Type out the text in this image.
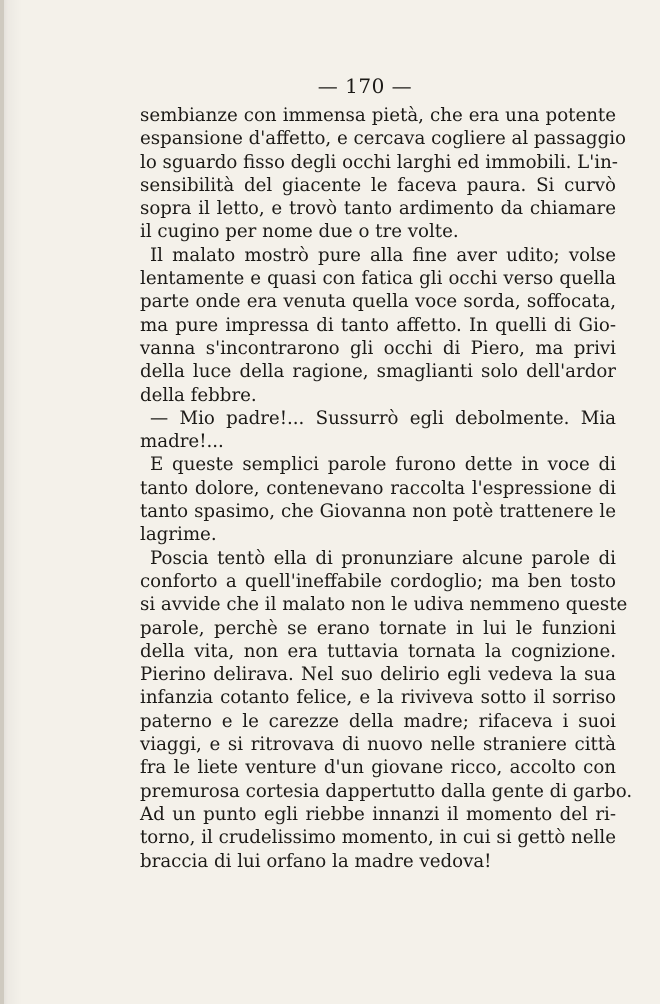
— 170 —
sembianze con immensa pietà, che era una potente
espansione d'affetto, e cercava cogliere al passaggio
lo sguardo fisso degli occhi larghi ed immobili. L'in-
sensibilità del giacente le faceva paura. Si curvò
sopra il letto, e trovò tanto ardimento da chiamare
il cugino per nome due o tre volte.
Il malato mostrò pure alla fine aver udito; volse
lentamente e quasi con fatica gli occhi verso quella
parte onde era venuta quella voce sorda, soffocata,
ma pure impressa di tanto affetto. In quelli di Gio-
vanna s'incontrarono gli occhi di Piero, ma privi
della luce della ragione, smaglianti solo dell'ardor
della febbre.
— Mio padre!... Sussurrò egli debolmente. Mia
madre!...
E queste semplici parole furono dette in voce di
tanto dolore, contenevano raccolta l'espressione di
tanto spasimo, che Giovanna non potè trattenere le
lagrime.
Poscia tentò ella di pronunziare alcune parole di
conforto a quell'ineffabile cordoglio; ma ben tosto
si avvide che il malato non le udiva nemmeno queste
parole, perchè se erano tornate in lui le funzioni
della vita, non era tuttavia tornata la cognizione.
Pierino delirava. Nel suo delirio egli vedeva la sua
infanzia cotanto felice, e la riviveva sotto il sorriso
paterno e le carezze della madre; rifaceva i suoi
viaggi, e si ritrovava di nuovo nelle straniere città
fra le liete venture d'un giovane ricco, accolto con
premurosa cortesia dappertutto dalla gente di garbo.
Ad un punto egli riebbe innanzi il momento del ri-
torno, il crudelissimo momento, in cui si gettò nelle
braccia di lui orfano la madre vedova!
